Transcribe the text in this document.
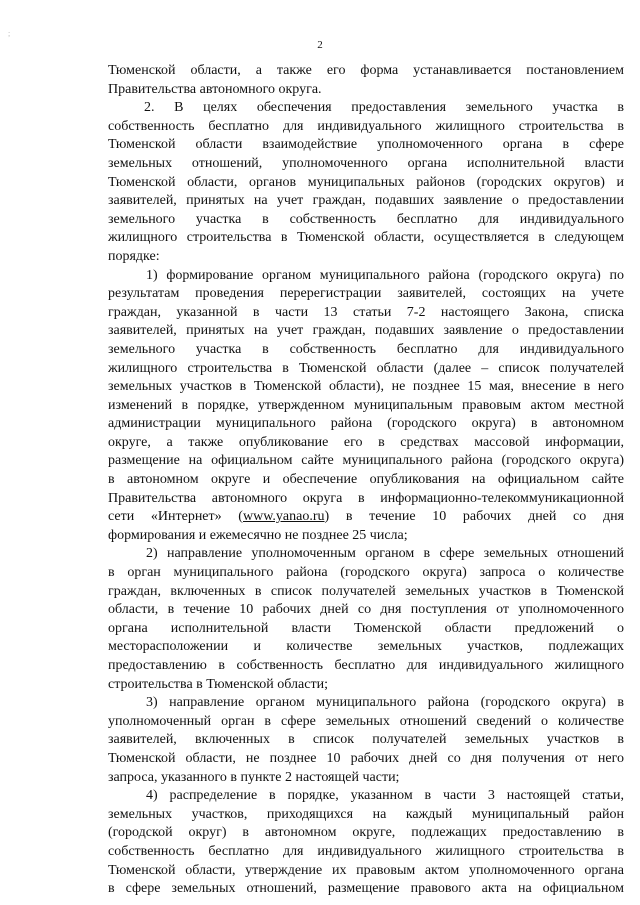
;
2
Тюменской области, а также его форма устанавливается постановлением
Правительства автономного округа.
2. В целях обеспечения предоставления земельного участка в
собственность бесплатно для индивидуального жилищного строительства в
Тюменской области взаимодействие уполномоченного органа в сфере
земельных отношений, уполномоченного органа исполнительной власти
Тюменской области, органов муниципальных районов (городских округов) и
заявителей, принятых на учет граждан, подавших заявление о предоставлении
земельного участка в собственность бесплатно для индивидуального
жилищного строительства в Тюменской области, осуществляется в следующем
порядке:
1) формирование органом муниципального района (городского округа) по
результатам проведения перерегистрации заявителей, состоящих на учете
граждан, указанной в части 13 статьи 7-2 настоящего Закона, списка
заявителей, принятых на учет граждан, подавших заявление о предоставлении
земельного участка в собственность бесплатно для индивидуального
жилищного строительства в Тюменской области (далее – список получателей
земельных участков в Тюменской области), не позднее 15 мая, внесение в него
изменений в порядке, утвержденном муниципальным правовым актом местной
администрации муниципального района (городского округа) в автономном
округе, а также опубликование его в средствах массовой информации,
размещение на официальном сайте муниципального района (городского округа)
в автономном округе и обеспечение опубликования на официальном сайте
Правительства автономного округа в информационно-телекоммуникационной
сети «Интернет» (www.yanao.ru) в течение 10 рабочих дней со дня
формирования и ежемесячно не позднее 25 числа;
2) направление уполномоченным органом в сфере земельных отношений
в орган муниципального района (городского округа) запроса о количестве
граждан, включенных в список получателей земельных участков в Тюменской
области, в течение 10 рабочих дней со дня поступления от уполномоченного
органа исполнительной власти Тюменской области предложений о
месторасположении и количестве земельных участков, подлежащих
предоставлению в собственность бесплатно для индивидуального жилищного
строительства в Тюменской области;
3) направление органом муниципального района (городского округа) в
уполномоченный орган в сфере земельных отношений сведений о количестве
заявителей, включенных в список получателей земельных участков в
Тюменской области, не позднее 10 рабочих дней со дня получения от него
запроса, указанного в пункте 2 настоящей части;
4) распределение в порядке, указанном в части 3 настоящей статьи,
земельных участков, приходящихся на каждый муниципальный район
(городской округ) в автономном округе, подлежащих предоставлению в
собственность бесплатно для индивидуального жилищного строительства в
Тюменской области, утверждение их правовым актом уполномоченного органа
в сфере земельных отношений, размещение правового акта на официальном
